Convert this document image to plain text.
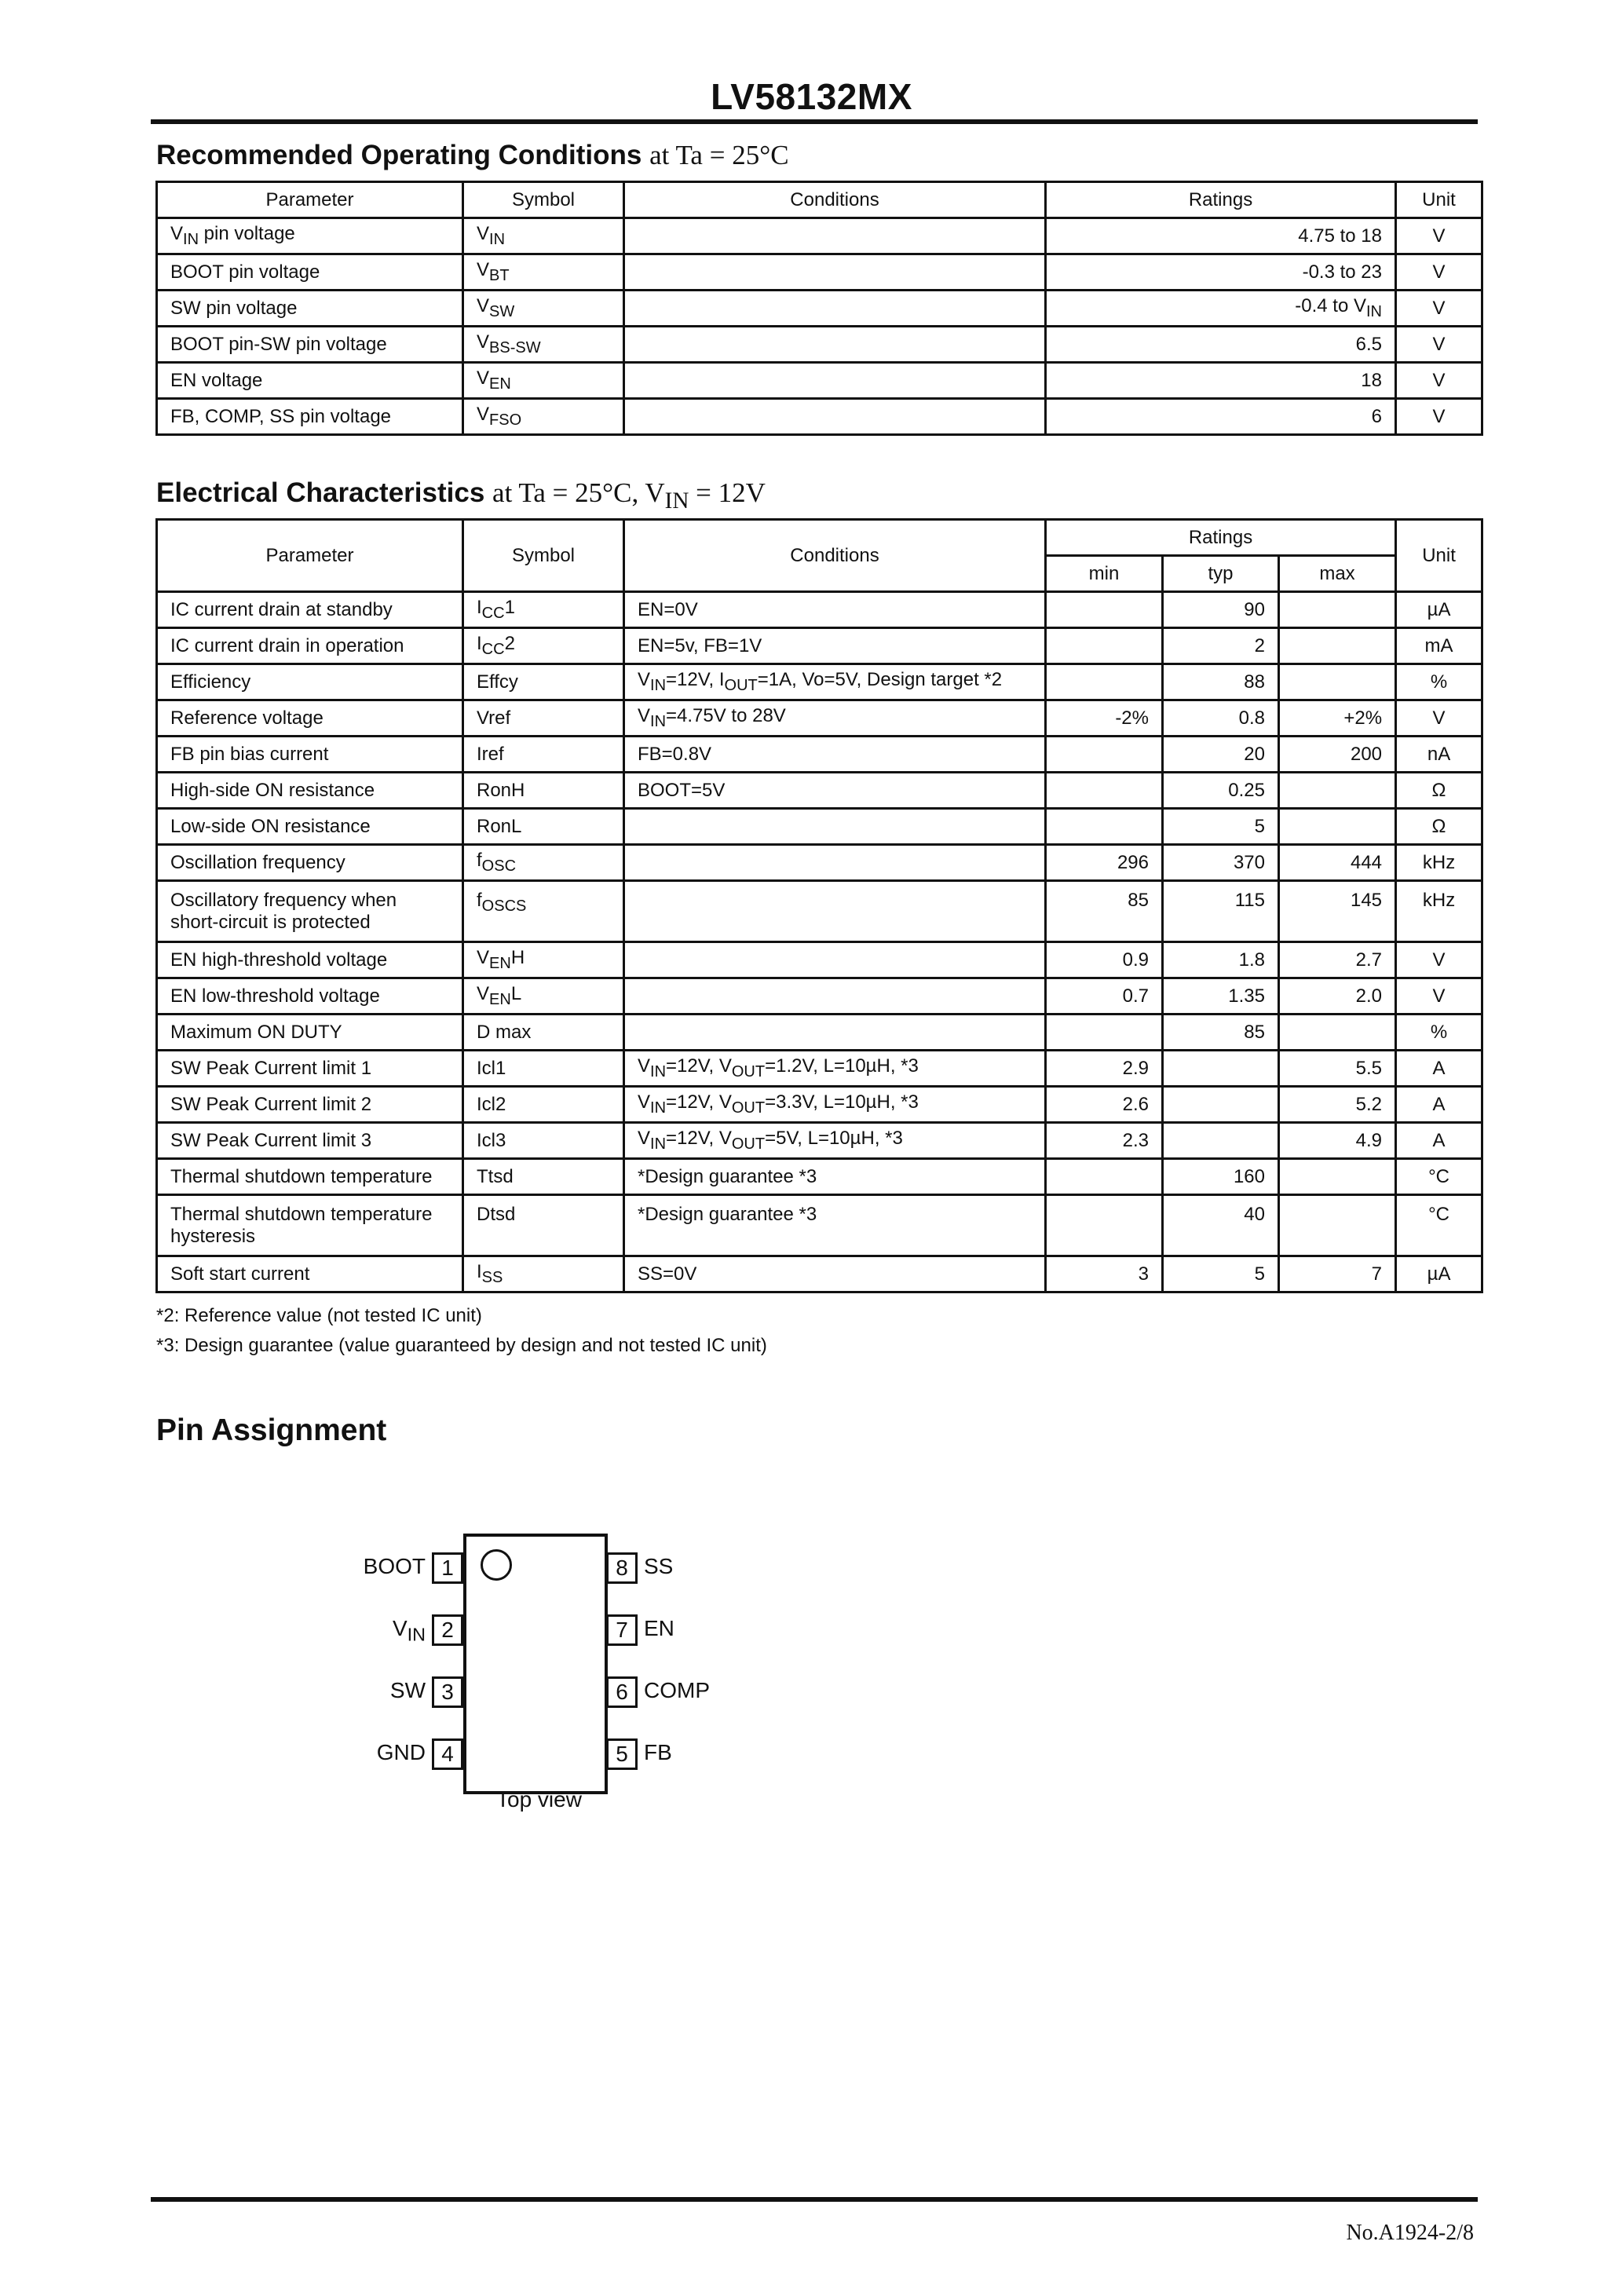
LV58132MX
Recommended Operating Conditions at Ta = 25°C
Parameter	Symbol	Conditions	Ratings	Unit
$V_{IN}$ pin voltage	$V_{IN}$		4.75 to 18	V
BOOT pin voltage	$V_{BT}$		-0.3 to 23	V
SW pin voltage	$V_{SW}$		-0.4 to $V_{IN}$	V
BOOT pin-SW pin voltage	$V_{BS-SW}$		6.5	V
EN voltage	$V_{EN}$		18	V
FB, COMP, SS pin voltage	$V_{FSO}$		6	V
Electrical Characteristics at Ta = 25°C, $V_{IN} = 12V$
Parameter	Symbol	Conditions	Ratings			Unit
			min	typ	max	
IC current drain at standby	$I_{CC}1$	EN=0V		90		µA
IC current drain in operation	$I_{CC}2$	EN=5v, FB=1V		2		mA
Efficiency	Effcy	$V_{IN}=12V$, $I_{OUT}=1A$, Vo=5V, Design target *2		88		%
Reference voltage	Vref	$V_{IN}=4.75V$ to 28V	-2%	0.8	+2%	V
FB pin bias current	Iref	FB=0.8V		20	200	nA
High-side ON resistance	RonH	BOOT=5V		0.25		Ω
Low-side ON resistance	RonL			5		Ω
Oscillation frequency	$f_{OSC}$		296	370	444	kHz
Oscillatory frequency when short-circuit is protected	$f_{OSCS}$		85	115	145	kHz
EN high-threshold voltage	$V_{EN}H$		0.9	1.8	2.7	V
EN low-threshold voltage	$V_{EN}L$		0.7	1.35	2.0	V
Maximum ON DUTY	D max			85		%
SW Peak Current limit 1	Icl1	$V_{IN}=12V$, $V_{OUT}=1.2V$, L=10µH, *3	2.9		5.5	A
SW Peak Current limit 2	Icl2	$V_{IN}=12V$, $V_{OUT}=3.3V$, L=10µH, *3	2.6		5.2	A
SW Peak Current limit 3	Icl3	$V_{IN}=12V$, $V_{OUT}=5V$, L=10µH, *3	2.3		4.9	A
Thermal shutdown temperature	Ttsd	*Design guarantee *3		160		°C
Thermal shutdown temperature hysteresis	Dtsd	*Design guarantee *3		40		°C
Soft start current	$I_{SS}$	SS=0V	3	5	7	µA
*2: Reference value (not tested IC unit)
*3: Design guarantee (value guaranteed by design and not tested IC unit)
Pin Assignment
1
BOOT
2
$V_{IN}$
3
SW
4
GND	5 FB
6 COMP
7 EN
8 SS
Top view
No.A1924-2/8
